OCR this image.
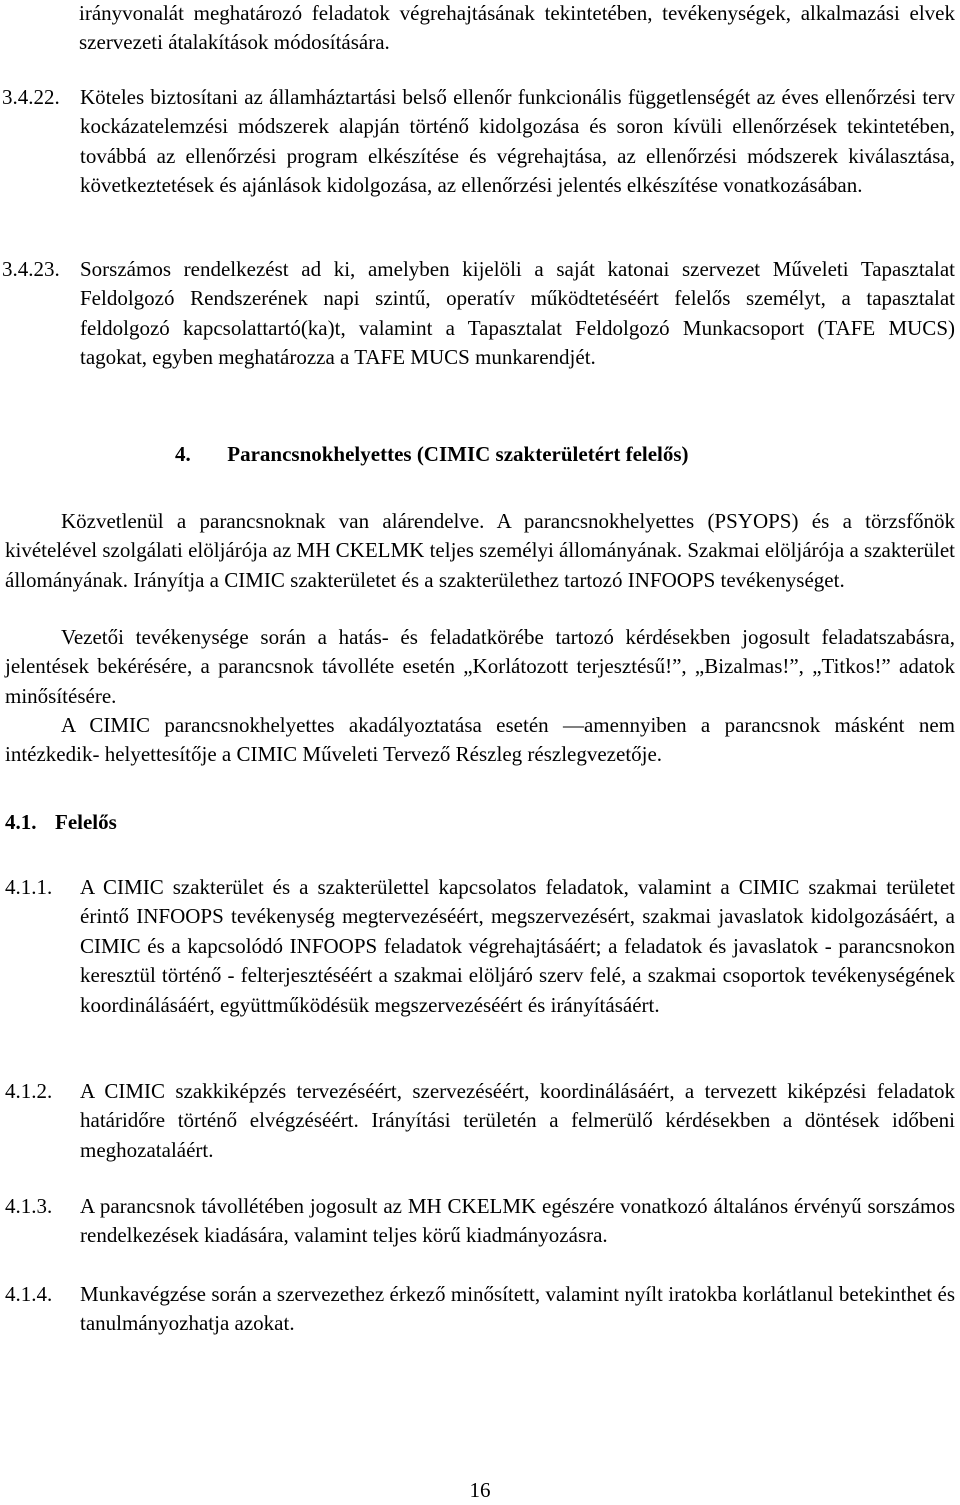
irányvonalát meghatározó feladatok végrehajtásának tekintetében, tevékenységek, alkalmazási elvek szervezeti átalakítások módosítására.
3.4.22. Köteles biztosítani az államháztartási belső ellenőr funkcionális függetlenségét az éves ellenőrzési terv kockázatelemzési módszerek alapján történő kidolgozása és soron kívüli ellenőrzések tekintetében, továbbá az ellenőrzési program elkészítése és végrehajtása, az ellenőrzési módszerek kiválasztása, következtetések és ajánlások kidolgozása, az ellenőrzési jelentés elkészítése vonatkozásában.
3.4.23. Sorszámos rendelkezést ad ki, amelyben kijelöli a saját katonai szervezet Műveleti Tapasztalat Feldolgozó Rendszerének napi szintű, operatív működtetéséért felelős személyt, a tapasztalat feldolgozó kapcsolattartó(ka)t, valamint a Tapasztalat Feldolgozó Munkacsoport (TAFE MUCS) tagokat, egyben meghatározza a TAFE MUCS munkarendjét.
4. Parancsnokhelyettes (CIMIC szakterületért felelős)
Közvetlenül a parancsnoknak van alárendelve. A parancsnokhelyettes (PSYOPS) és a törzsfőnök kivételével szolgálati elöljárója az MH CKELMK teljes személyi állományának. Szakmai elöljárója a szakterület állományának. Irányítja a CIMIC szakterületet és a szakterülethez tartozó INFOOPS tevékenységet.
Vezetői tevékenysége során a hatás- és feladatkörébe tartozó kérdésekben jogosult feladatszabásra, jelentések bekérésére, a parancsnok távolléte esetén „Korlátozott terjesztésű!”, „Bizalmas!”, „Titkos!” adatok minősítésére.
A CIMIC parancsnokhelyettes akadályoztatása esetén —amennyiben a parancsnok másként nem intézkedik- helyettesítője a CIMIC Műveleti Tervező Részleg részlegvezetője.
4.1. Felelős
4.1.1.	A CIMIC szakterület és a szakterülettel kapcsolatos feladatok, valamint a CIMIC szakmai területet érintő INFOOPS tevékenység megtervezéséért, megszervezésért, szakmai javaslatok kidolgozásáért, a CIMIC és a kapcsolódó INFOOPS feladatok végrehajtásáért; a feladatok és javaslatok - parancsnokon keresztül történő - felterjesztéséért a szakmai elöljáró szerv felé, a szakmai csoportok tevékenységének koordinálásáért, együttműködésük megszervezéséért és irányításáért.
4.1.2.	A CIMIC szakkiképzés tervezéséért, szervezéséért, koordinálásáért, a tervezett kiképzési feladatok határidőre történő elvégzéséért. Irányítási területén a felmerülő kérdésekben a döntések időbeni meghozataláért.
4.1.3.	A parancsnok távollétében jogosult az MH CKELMK egészére vonatkozó általános érvényű sorszámos rendelkezések kiadására, valamint teljes körű kiadmányozásra.
4.1.4.	Munkavégzése során a szervezethez érkező minősített, valamint nyílt iratokba korlátlanul betekinthet és tanulmányozhatja azokat.
16
